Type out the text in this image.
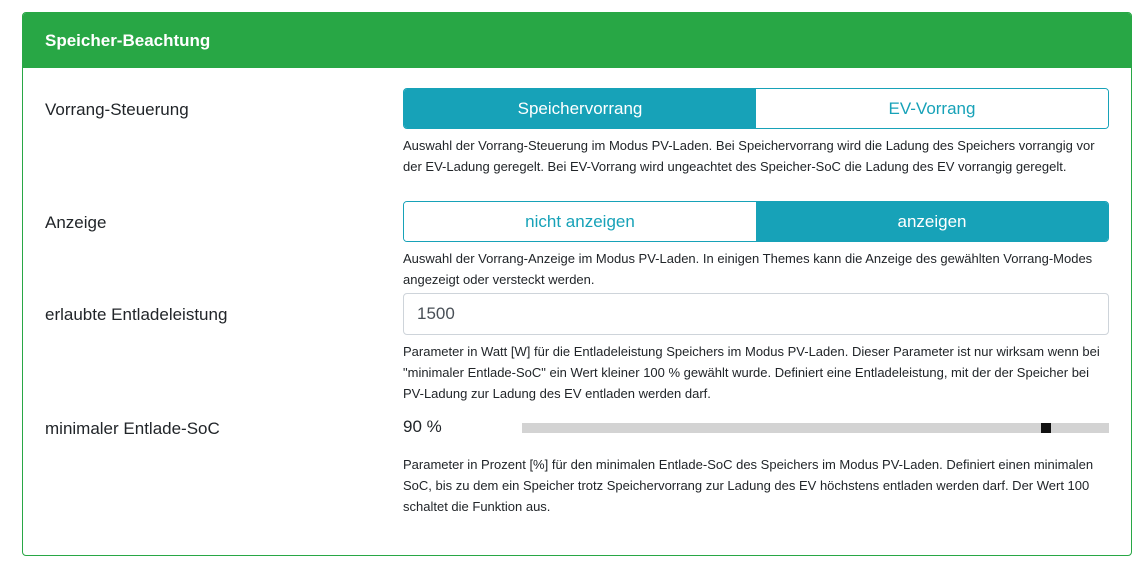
Speicher-Beachtung
Vorrang-Steuerung	Speichervorrang	EV-Vorrang
Auswahl der Vorrang-Steuerung im Modus PV-Laden. Bei Speichervorrang wird die Ladung des Speichers vorrangig vor der EV-Ladung geregelt. Bei EV-Vorrang wird ungeachtet des Speicher-SoC die Ladung des EV vorrangig geregelt.
Anzeige	nicht anzeigen	anzeigen
Auswahl der Vorrang-Anzeige im Modus PV-Laden. In einigen Themes kann die Anzeige des gewählten Vorrang-Modes angezeigt oder versteckt werden.
erlaubte Entladeleistung	1500
Parameter in Watt [W] für die Entladeleistung Speichers im Modus PV-Laden. Dieser Parameter ist nur wirksam wenn bei "minimaler Entlade-SoC" ein Wert kleiner 100 % gewählt wurde. Definiert eine Entladeleistung, mit der der Speicher bei PV-Ladung zur Ladung des EV entladen werden darf.
minimaler Entlade-SoC	90 %
Parameter in Prozent [%] für den minimalen Entlade-SoC des Speichers im Modus PV-Laden. Definiert einen minimalen SoC, bis zu dem ein Speicher trotz Speichervorrang zur Ladung des EV höchstens entladen werden darf. Der Wert 100 schaltet die Funktion aus.
